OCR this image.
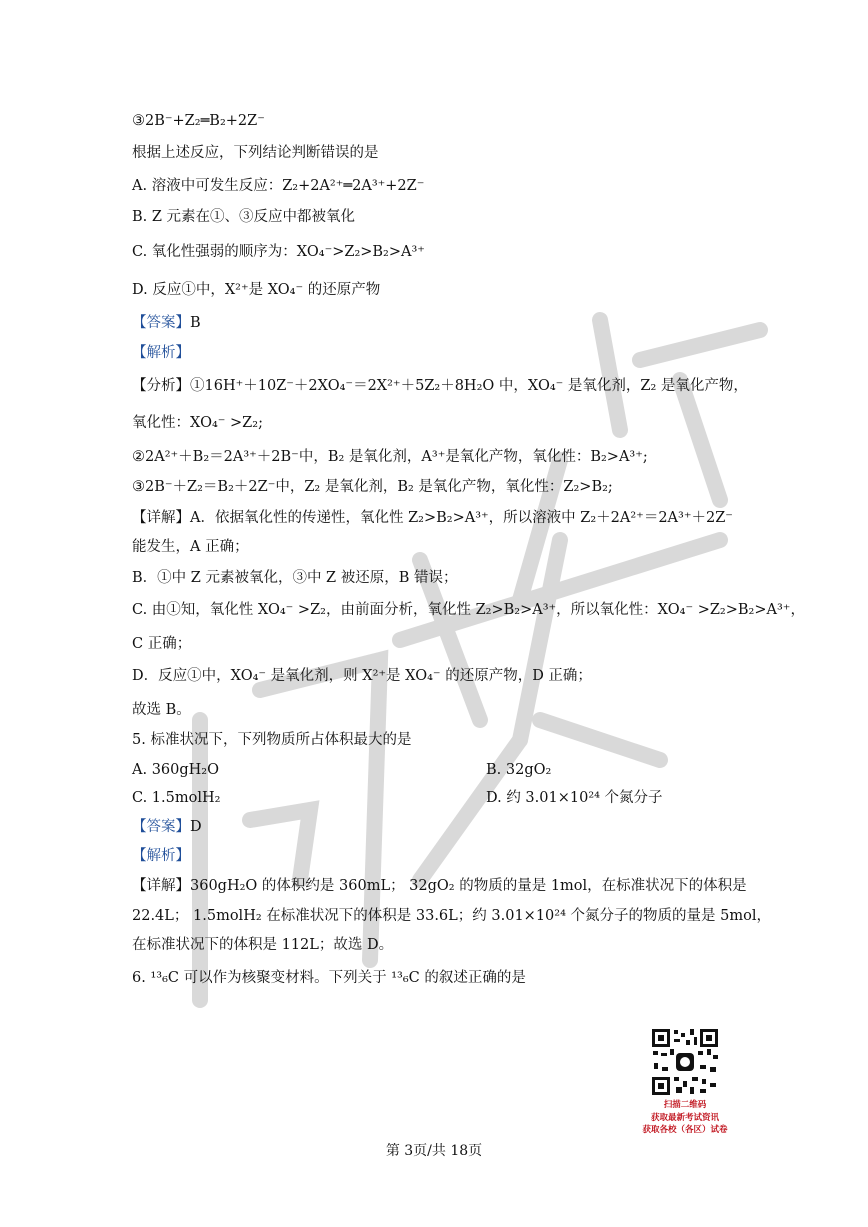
③2B⁻+Z₂═B₂+2Z⁻
根据上述反应，下列结论判断错误的是
A. 溶液中可发生反应：Z₂+2A²⁺═2A³⁺+2Z⁻
B. Z 元素在①、③反应中都被氧化
C. 氧化性强弱的顺序为：XO₄⁻>Z₂>B₂>A³⁺
D. 反应①中，X²⁺是 XO₄⁻ 的还原产物
【答案】B
【解析】
【分析】①16H⁺＋10Z⁻＋2XO₄⁻＝2X²⁺＋5Z₂＋8H₂O 中，XO₄⁻ 是氧化剂，Z₂ 是氧化产物，
氧化性：XO₄⁻ >Z₂;
②2A²⁺＋B₂＝2A³⁺＋2B⁻中，B₂ 是氧化剂，A³⁺是氧化产物，氧化性：B₂>A³⁺;
③2B⁻＋Z₂＝B₂＋2Z⁻中，Z₂ 是氧化剂，B₂ 是氧化产物，氧化性：Z₂>B₂;
【详解】A．依据氧化性的传递性，氧化性 Z₂>B₂>A³⁺，所以溶液中 Z₂＋2A²⁺＝2A³⁺＋2Z⁻
能发生，A 正确；
B．①中 Z 元素被氧化，③中 Z 被还原，B 错误；
C. 由①知，氧化性 XO₄⁻ >Z₂，由前面分析，氧化性 Z₂>B₂>A³⁺，所以氧化性：XO₄⁻ >Z₂>B₂>A³⁺，
C 正确；
D．反应①中，XO₄⁻ 是氧化剂，则 X²⁺是 XO₄⁻ 的还原产物，D 正确；
故选 B。
5. 标准状况下，下列物质所占体积最大的是
A. 360gH₂O	B. 32gO₂
C. 1.5molH₂	D. 约 3.01×10²⁴ 个氮分子
【答案】D
【解析】
【详解】360gH₂O 的体积约是 360mL； 32gO₂ 的物质的量是 1mol，在标准状况下的体积是
22.4L； 1.5molH₂ 在标准状况下的体积是 33.6L；约 3.01×10²⁴ 个氮分子的物质的量是 5mol，
在标准状况下的体积是 112L；故选 D。
6. ¹³₆C 可以作为核聚变材料。下列关于 ¹³₆C 的叙述正确的是
扫描二维码
获取最新考试资讯
获取各校（各区）试卷
第 3页/共 18页
